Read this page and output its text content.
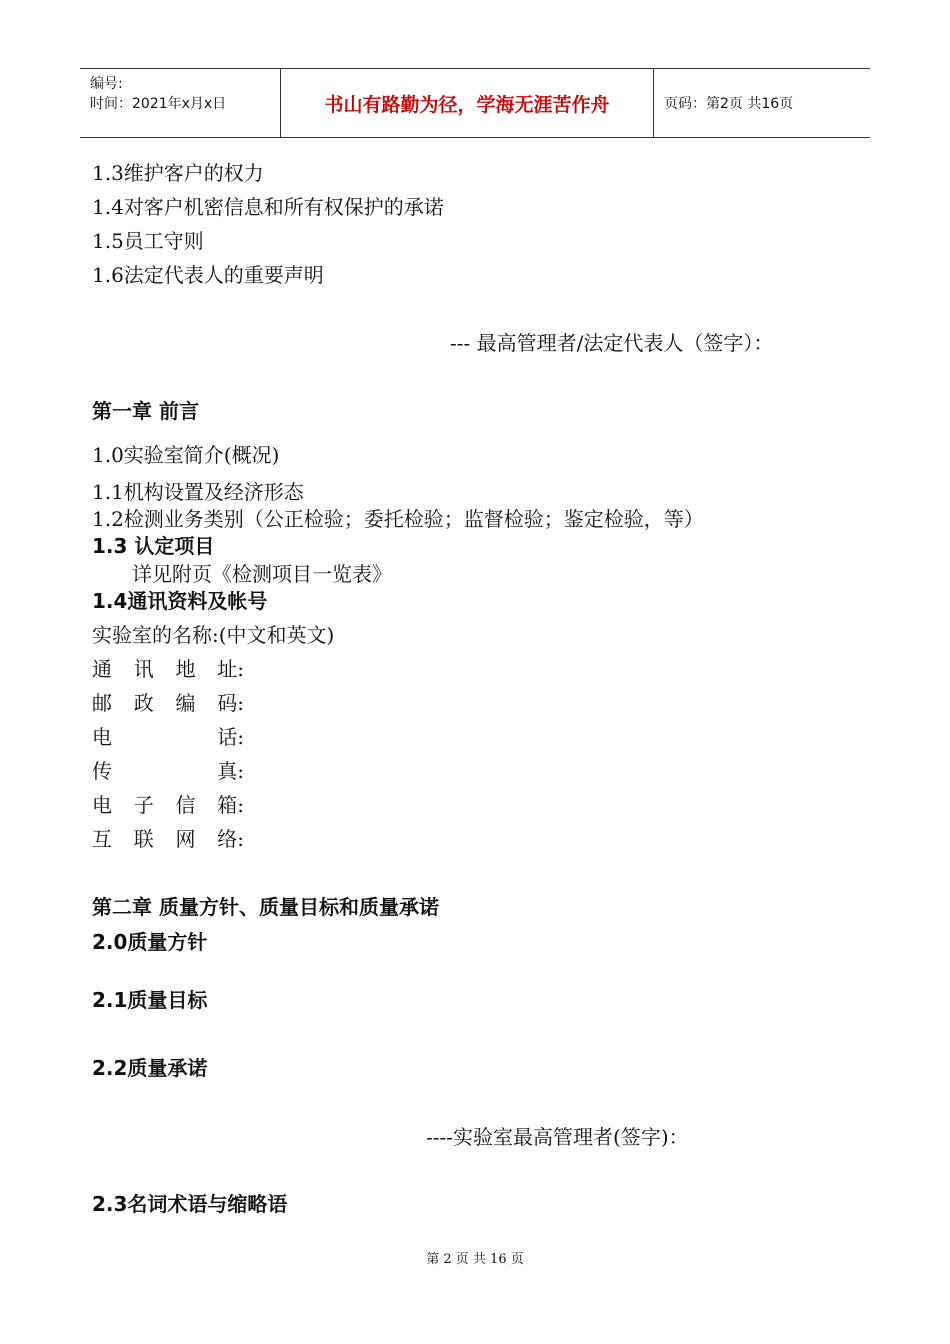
编号:
时间：2021年x月x日	书山有路勤为径，学海无涯苦作舟	页码：第2页 共16页
1.3维护客户的权力
1.4对客户机密信息和所有权保护的承诺
1.5员工守则
1.6法定代表人的重要声明
--- 最高管理者/法定代表人（签字）：
第一章 前言
1.0实验室简介(概况)
1.1机构设置及经济形态
1.2检测业务类别（公正检验；委托检验；监督检验；鉴定检验，等）
1.3 认定项目
详见附页《检测项目一览表》
1.4通讯资料及帐号
实验室的名称:(中文和英文)
通 讯 地 址:
邮 政 编 码:
电	话:
传	真:
电 子 信 箱:
互 联 网 络:
第二章 质量方针、质量目标和质量承诺
2.0质量方针
2.1质量目标
2.2质量承诺
----实验室最高管理者(签字)：
2.3名词术语与缩略语
第 2 页 共 16 页
